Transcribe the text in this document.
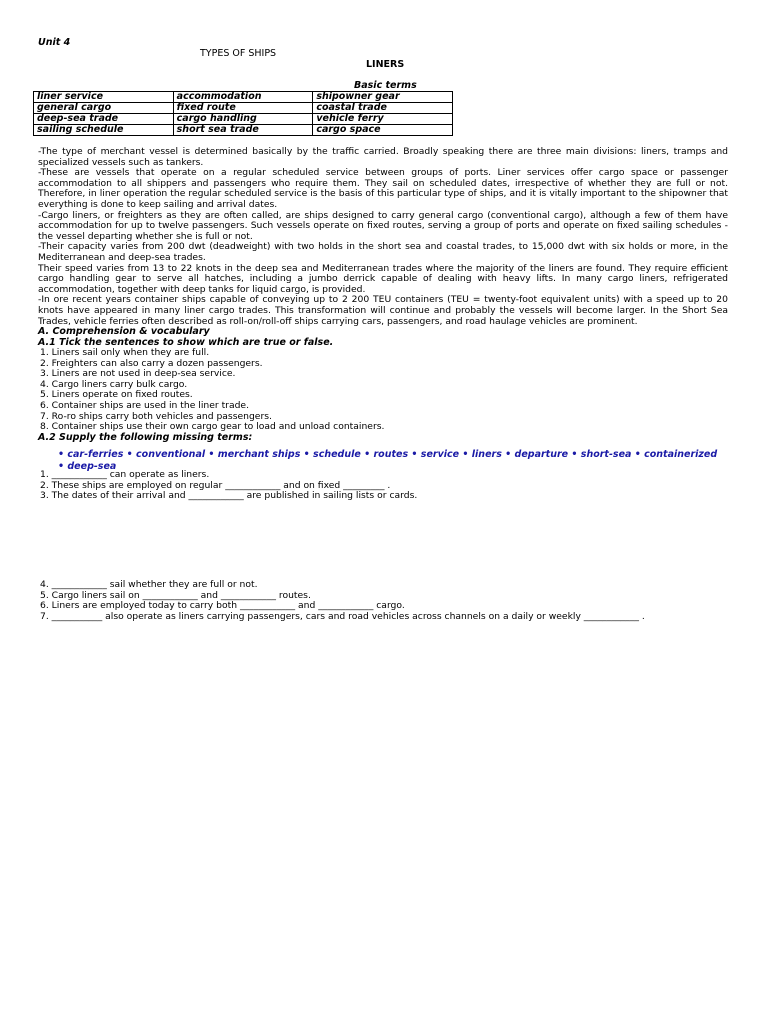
Unit 4
TYPES OF SHIPS
LINERS
Basic terms
liner service	accommodation	shipowner gear
general cargo	fixed route	coastal trade
deep-sea trade	cargo handling	vehicle ferry
sailing schedule	short sea trade	cargo space

-The type of merchant vessel is determined basically by the traffic carried. Broadly speaking there are three main divisions: liners, tramps and specialized vessels such as tankers.

-These are vessels that operate on a regular scheduled service between groups of ports. Liner services offer cargo space or passenger accommodation to all shippers and passengers who require them. They sail on scheduled dates, irrespective of whether they are full or not. Therefore, in liner operation the regular scheduled service is the basis of this particular type of ships, and it is vitally important to the shipowner that everything is done to keep sailing and arrival dates.

-Cargo liners, or freighters as they are often called, are ships designed to carry general cargo (conventional cargo), although a few of them have accommodation for up to twelve passengers. Such vessels operate on fixed routes, serving a group of ports and operate on fixed sailing schedules - the vessel departing whether she is full or not.

-Their capacity varies from 200 dwt (deadweight) with two holds in the short sea and coastal trades, to 15,000 dwt with six holds or more, in the Mediterranean and deep-sea trades.

Their speed varies from 13 to 22 knots in the deep sea and Mediterranean trades where the majority of the liners are found. They require efficient cargo handling gear to serve all hatches, including a jumbo derrick capable of dealing with heavy lifts. In many cargo liners, refrigerated accommodation, together with deep tanks for liquid cargo, is provided.

-In ore recent years container ships capable of conveying up to 2 200 TEU containers (TEU = twenty-foot equivalent units) with a speed up to 20 knots have appeared in many liner cargo trades. This transformation will continue and probably the vessels will become larger. In the Short Sea Trades, vehicle ferries often described as roll-on/roll-off ships carrying cars, passengers, and road haulage vehicles are prominent.

A. Comprehension & vocabulary
A.1 Tick the sentences to show which are true or false.
1. Liners sail only when they are full.
2. Freighters can also carry a dozen passengers.
3. Liners are not used in deep-sea service.
4. Cargo liners carry bulk cargo.
5. Liners operate on fixed routes.
6. Container ships are used in the liner trade.
7. Ro-ro ships carry both vehicles and passengers.
8. Container ships use their own cargo gear to load and unload containers.
A.2 Supply the following missing terms:
• car-ferries • conventional • merchant ships • schedule • routes • service • liners • departure • short-sea • containerized • deep-sea
1. ____________ can operate as liners.
2. These ships are employed on regular ____________ and on fixed _________ .
3. The dates of their arrival and ____________ are published in sailing lists or cards.
4. ____________ sail whether they are full or not.
5. Cargo liners sail on ____________ and ____________ routes.
6. Liners are employed today to carry both ____________ and ____________ cargo.
7. ___________ also operate as liners carrying passengers, cars and road vehicles across channels on a daily or weekly ____________ .
